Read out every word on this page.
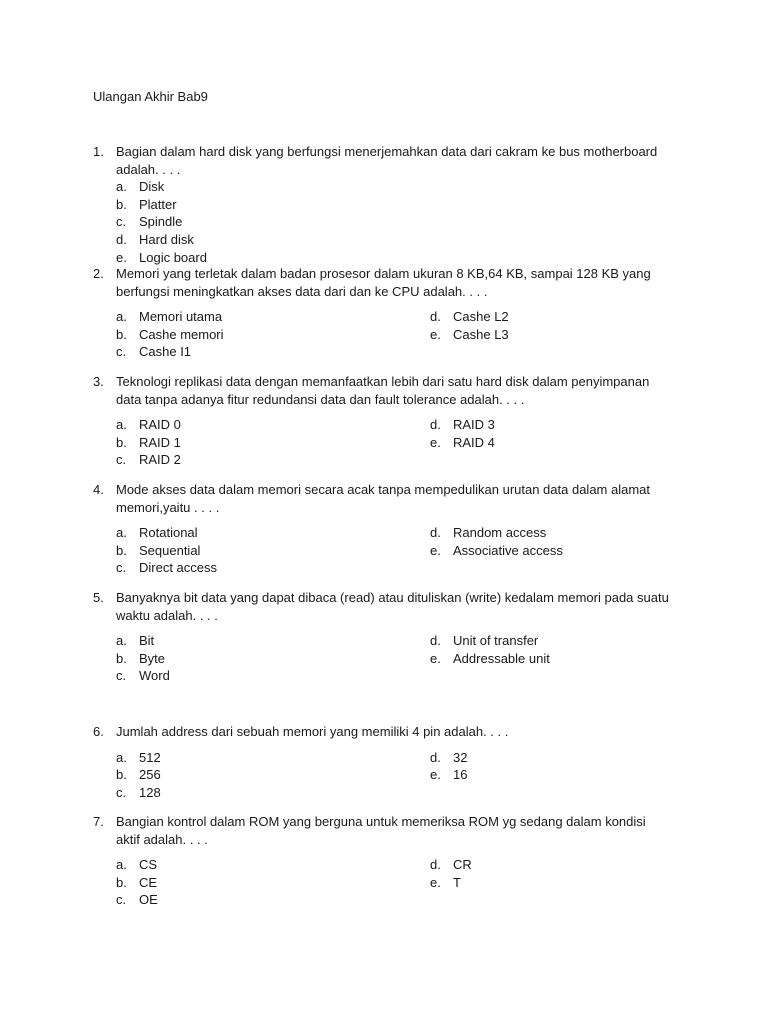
Ulangan Akhir Bab9
1. Bagian dalam hard disk yang berfungsi menerjemahkan data dari cakram ke bus motherboard adalah. . . .
a. Disk
b. Platter
c. Spindle
d. Hard disk
e. Logic board
2. Memori yang terletak dalam badan prosesor dalam ukuran 8 KB,64 KB, sampai 128 KB yang berfungsi meningkatkan akses data dari dan ke CPU adalah. . . .
a. Memori utama
b. Cashe memori
c. Cashe I1
d. Cashe L2
e. Cashe L3
3. Teknologi replikasi data dengan memanfaatkan lebih dari satu hard disk dalam penyimpanan data tanpa adanya fitur redundansi data dan fault tolerance adalah. . . .
a. RAID 0
b. RAID 1
c. RAID 2
d. RAID 3
e. RAID 4
4. Mode akses data dalam memori secara acak tanpa mempedulikan urutan data dalam alamat memori,yaitu . . . .
a. Rotational
b. Sequential
c. Direct access
d. Random access
e. Associative access
5. Banyaknya bit data yang dapat dibaca (read) atau dituliskan (write) kedalam memori pada suatu waktu adalah. . . .
a. Bit
b. Byte
c. Word
d. Unit of transfer
e. Addressable unit
6. Jumlah address dari sebuah memori yang memiliki 4 pin adalah. . . .
a. 512
b. 256
c. 128
d. 32
e. 16
7. Bangian kontrol dalam ROM yang berguna untuk memeriksa ROM yg sedang dalam kondisi aktif adalah. . . .
a. CS
b. CE
c. OE
d. CR
e. T
